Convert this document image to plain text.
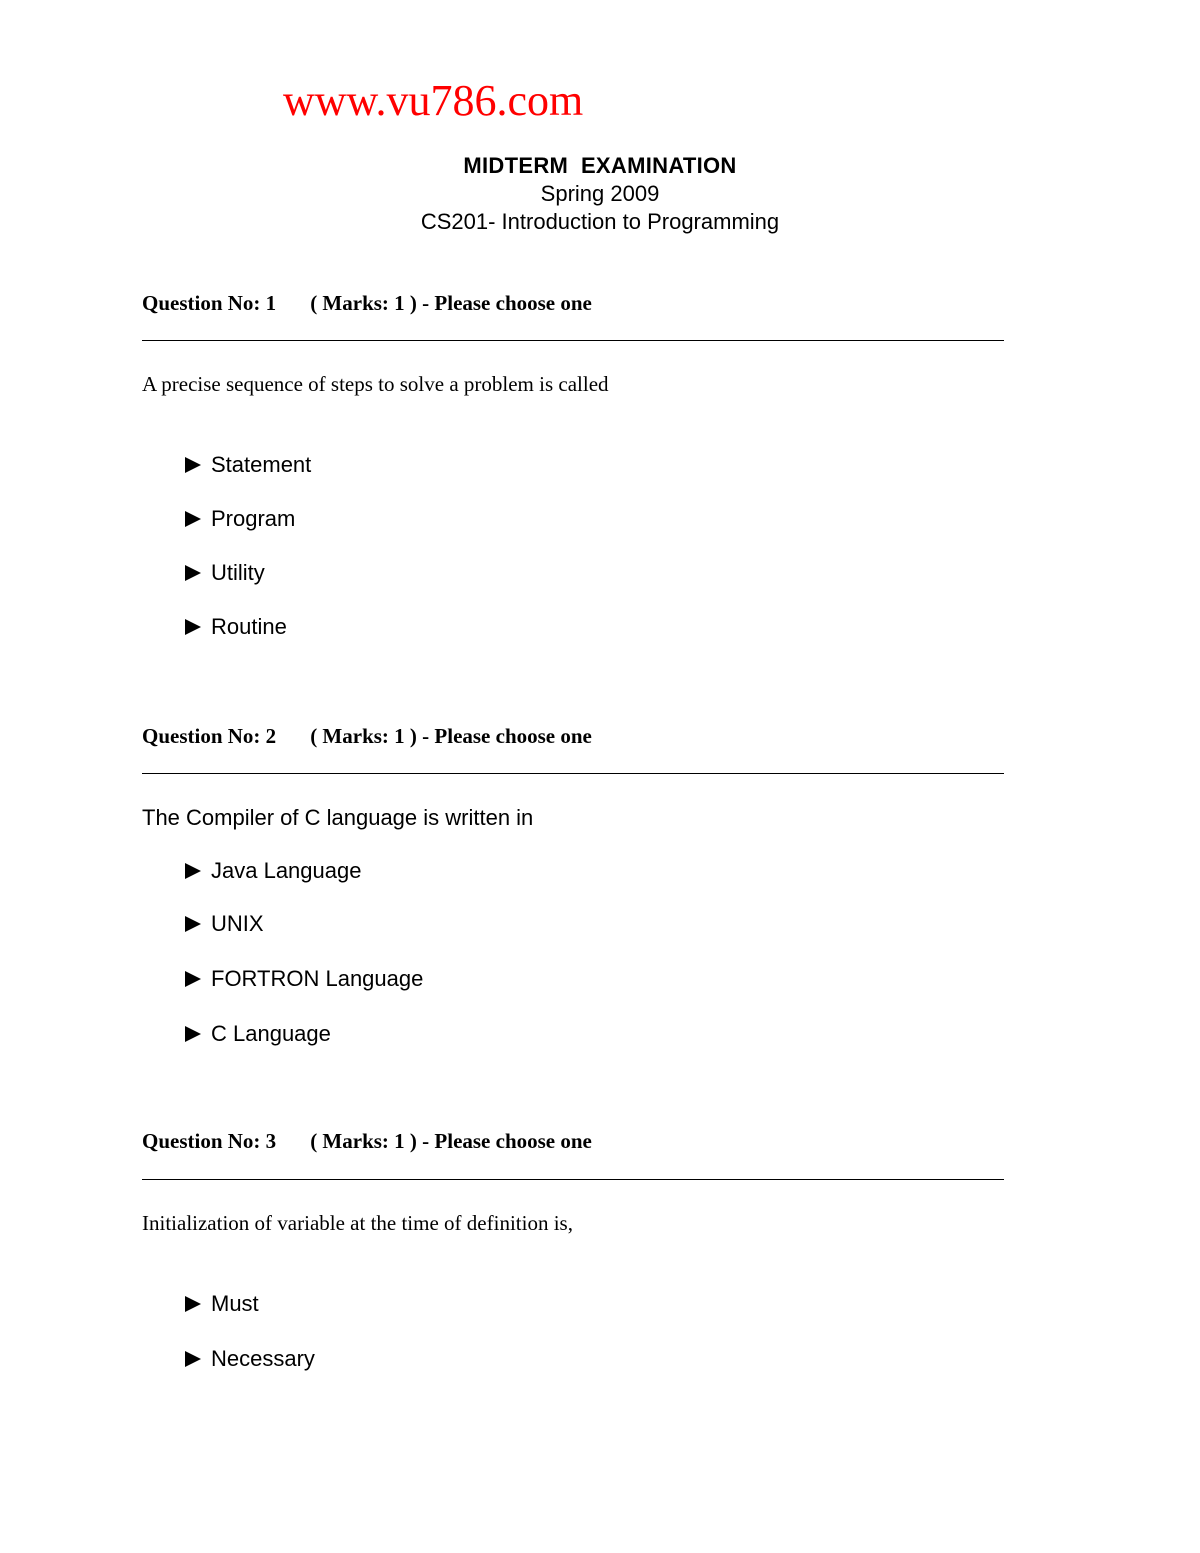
www.vu786.com
MIDTERM  EXAMINATION
Spring 2009
CS201- Introduction to Programming
Question No: 1 ( Marks: 1 ) - Please choose one
A precise sequence of steps to solve a problem is called
Statement
Program
Utility
Routine
Question No: 2 ( Marks: 1 ) - Please choose one
The Compiler of C language is written in
Java Language
UNIX
FORTRON Language
C Language
Question No: 3 ( Marks: 1 ) - Please choose one
Initialization of variable at the time of definition is,
Must
Necessary
